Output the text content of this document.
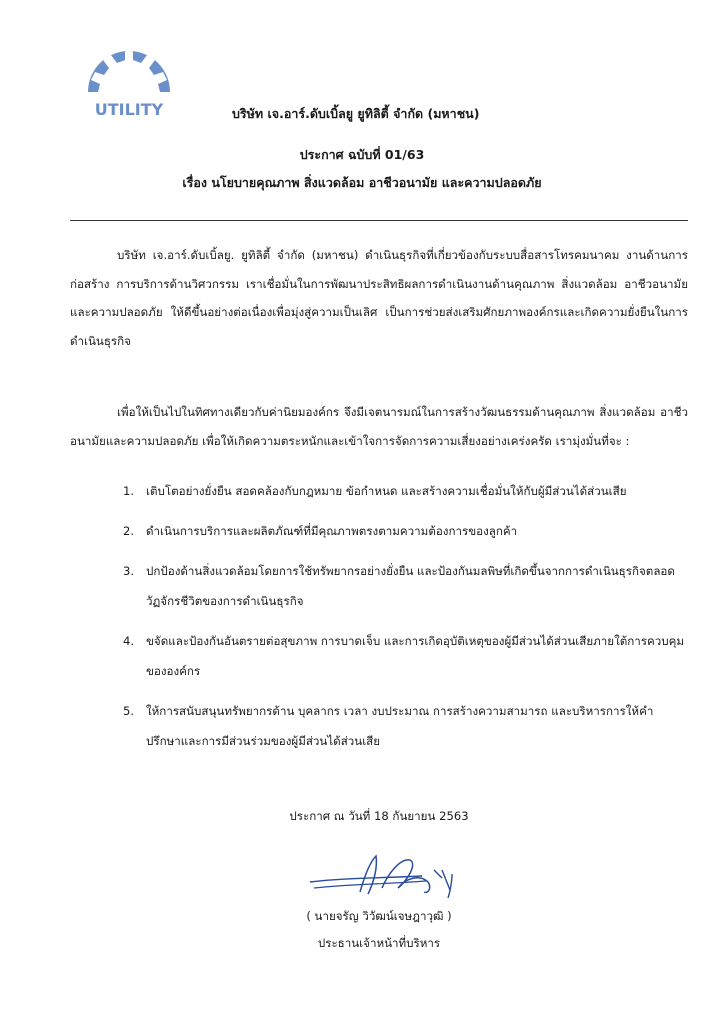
JRW
UTILITY	บริษัท เจ.อาร์.ดับเบิ้ลยู ยูทิลิตี้ จำกัด (มหาชน)
ประกาศ ฉบับที่ 01/63
เรื่อง นโยบายคุณภาพ สิ่งแวดล้อม อาชีวอนามัย และความปลอดภัย
บริษัท เจ.อาร์.ดับเบิ้ลยู. ยูทิลิตี้ จำกัด (มหาชน) ดำเนินธุรกิจที่เกี่ยวข้องกับระบบสื่อสารโทรคมนาคม งานด้านการก่อสร้าง การบริการด้านวิศวกรรม เราเชื่อมั่นในการพัฒนาประสิทธิผลการดำเนินงานด้านคุณภาพ สิ่งแวดล้อม อาชีวอนามัย และความปลอดภัย ให้ดีขึ้นอย่างต่อเนื่องเพื่อมุ่งสู่ความเป็นเลิศ เป็นการช่วยส่งเสริมศักยภาพองค์กรและเกิดความยั่งยืนในการดำเนินธุรกิจ
เพื่อให้เป็นไปในทิศทางเดียวกับค่านิยมองค์กร จึงมีเจตนารมณ์ในการสร้างวัฒนธรรมด้านคุณภาพ สิ่งแวดล้อม อาชีว อนามัยและความปลอดภัย เพื่อให้เกิดความตระหนักและเข้าใจการจัดการความเสี่ยงอย่างเคร่งครัด เรามุ่งมั่นที่จะ :
1. เติบโตอย่างยั่งยืน สอดคล้องกับกฎหมาย ข้อกำหนด และสร้างความเชื่อมั่นให้กับผู้มีส่วนได้ส่วนเสีย
2. ดำเนินการบริการและผลิตภัณฑ์ที่มีคุณภาพตรงตามความต้องการของลูกค้า
3. ปกป้องด้านสิ่งแวดล้อมโดยการใช้ทรัพยากรอย่างยั่งยืน และป้องกันมลพิษที่เกิดขึ้นจากการดำเนินธุรกิจตลอดวัฏจักรชีวิตของการดำเนินธุรกิจ
4. ขจัดและป้องกันอันตรายต่อสุขภาพ การบาดเจ็บ และการเกิดอุบัติเหตุของผู้มีส่วนได้ส่วนเสียภายใต้การควบคุมขององค์กร
5. ให้การสนับสนุนทรัพยากรด้าน บุคลากร เวลา งบประมาณ การสร้างความสามารถ และบริหารการให้คำปรึกษาและการมีส่วนร่วมของผู้มีส่วนได้ส่วนเสีย
ประกาศ ณ วันที่ 18 กันยายน 2563
( นายจรัญ วิวัฒน์เจษฎาวุฒิ )
ประธานเจ้าหน้าที่บริหาร
